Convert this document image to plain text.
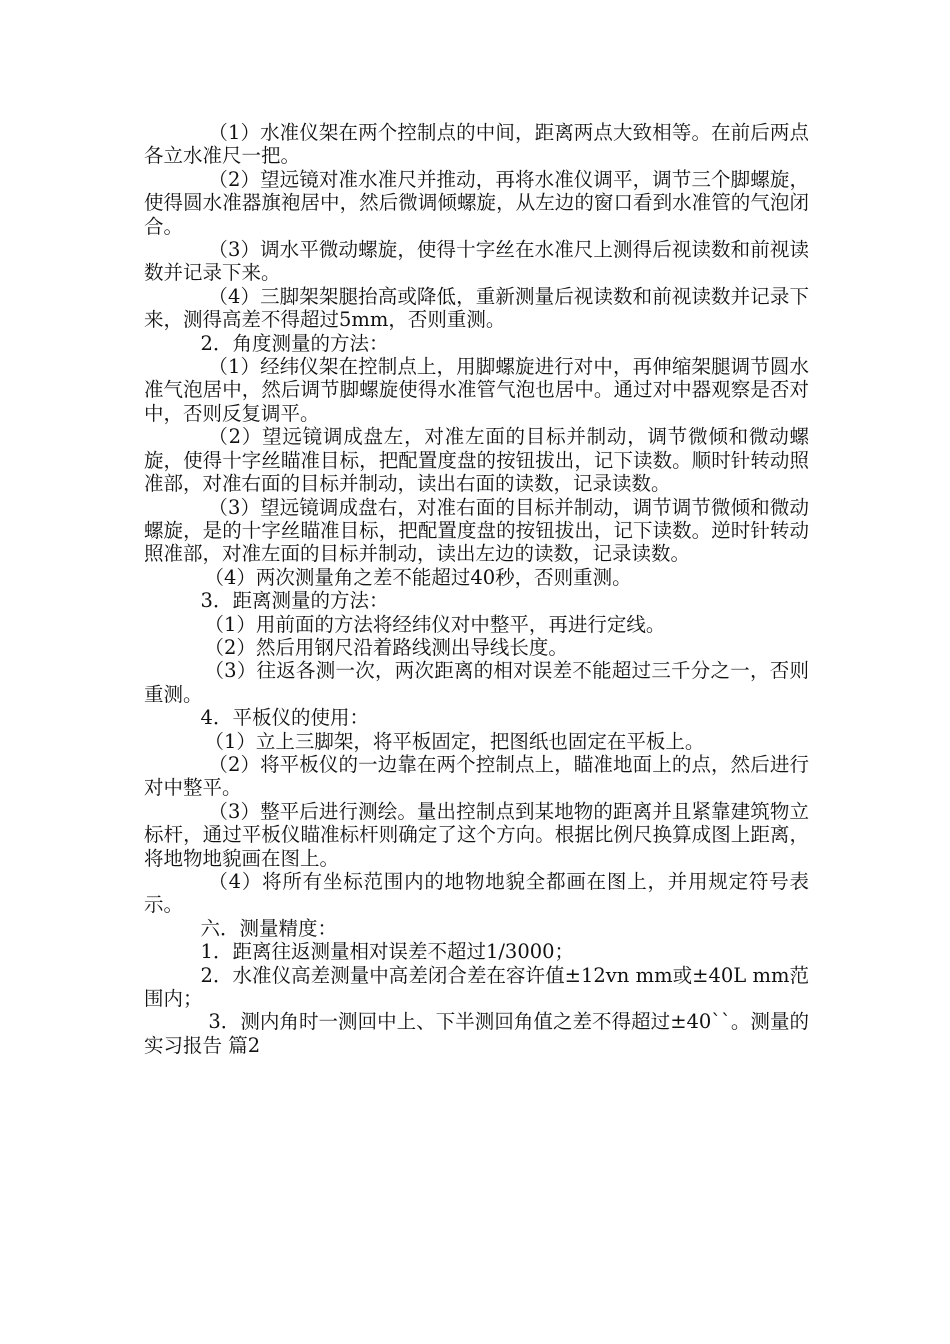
（1）水准仪架在两个控制点的中间，距离两点大致相等。在前后两点各立水准尺一把。

（2）望远镜对准水准尺并推动，再将水准仪调平，调节三个脚螺旋，使得圆水准器旗袍居中，然后微调倾螺旋，从左边的窗口看到水准管的气泡闭合。

（3）调水平微动螺旋，使得十字丝在水准尺上测得后视读数和前视读数并记录下来。

（4）三脚架架腿抬高或降低，重新测量后视读数和前视读数并记录下来，测得高差不得超过5mm，否则重测。

2．角度测量的方法：

（1）经纬仪架在控制点上，用脚螺旋进行对中，再伸缩架腿调节圆水准气泡居中，然后调节脚螺旋使得水准管气泡也居中。通过对中器观察是否对中，否则反复调平。

（2）望远镜调成盘左，对准左面的目标并制动，调节微倾和微动螺旋，使得十字丝瞄准目标，把配置度盘的按钮拔出，记下读数。顺时针转动照准部，对准右面的目标并制动，读出右面的读数，记录读数。

（3）望远镜调成盘右，对准右面的目标并制动，调节调节微倾和微动螺旋，是的十字丝瞄准目标，把配置度盘的按钮拔出，记下读数。逆时针转动照准部，对准左面的目标并制动，读出左边的读数，记录读数。

（4）两次测量角之差不能超过40秒，否则重测。

3．距离测量的方法：

（1）用前面的方法将经纬仪对中整平，再进行定线。

（2）然后用钢尺沿着路线测出导线长度。

（3）往返各测一次，两次距离的相对误差不能超过三千分之一，否则重测。

4．平板仪的使用：

（1）立上三脚架，将平板固定，把图纸也固定在平板上。

（2）将平板仪的一边靠在两个控制点上，瞄准地面上的点，然后进行对中整平。

（3）整平后进行测绘。量出控制点到某地物的距离并且紧靠建筑物立标杆，通过平板仪瞄准标杆则确定了这个方向。根据比例尺换算成图上距离，将地物地貌画在图上。

（4）将所有坐标范围内的地物地貌全都画在图上，并用规定符号表示。

六．测量精度：

1．距离往返测量相对误差不超过1/3000；

2．水准仪高差测量中高差闭合差在容许值±12vn mm或±40L mm范围内；

3．测内角时一测回中上、下半测回角值之差不得超过±40``。测量的实习报告 篇2
